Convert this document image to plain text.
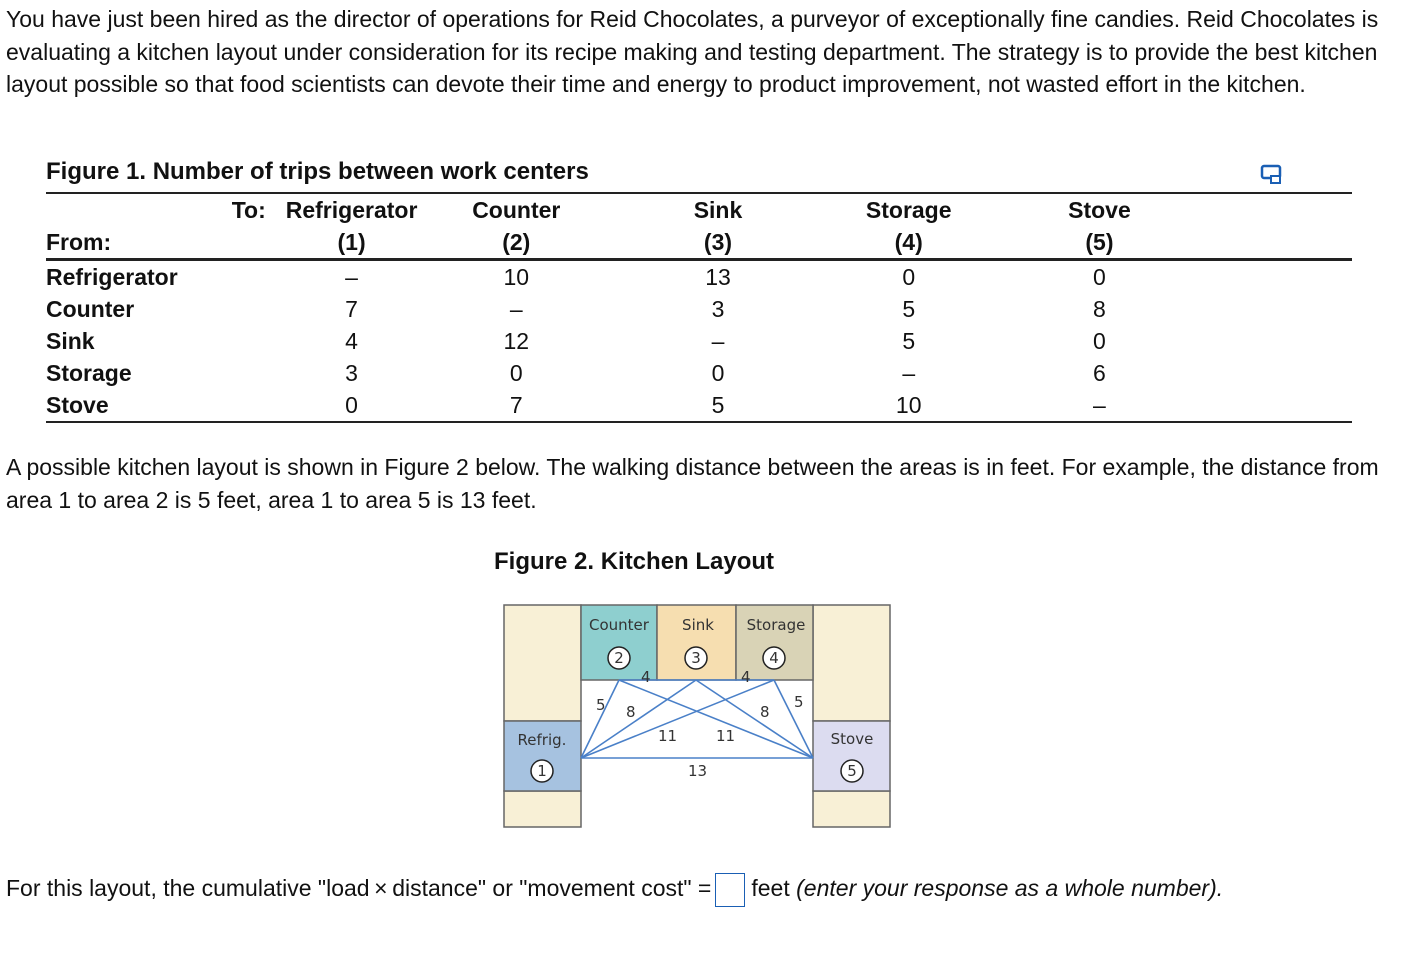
You have just been hired as the director of operations for Reid Chocolates, a purveyor of exceptionally fine candies. Reid Chocolates is evaluating a kitchen layout under consideration for its recipe making and testing department. The strategy is to provide the best kitchen layout possible so that food scientists can devote their time and energy to product improvement, not wasted effort in the kitchen.

Figure 1. Number of trips between work centers
To:	Refrigerator	Counter	Sink	Storage	Stove	
From:	(1)	(2)	(3)	(4)	(5)	
Refrigerator	–	10	13	0	0	
Counter	7	–	3	5	8	
Sink	4	12	–	5	0	
Storage	3	0	0	–	6	
Stove	0	7	5	10	–	

A possible kitchen layout is shown in Figure 2 below. The walking distance between the areas is in feet. For example, the distance from area 1 to area 2 is 5 feet, area 1 to area 5 is 13 feet.

Figure 2. Kitchen Layout
Counter
2
Sink
3
Storage
4
Refrig.
1
Stove
5
5
4	4
5
8	8
11	11
13
For this layout, the cumulative "load × distance" or "movement cost" = feet (enter your response as a whole number).
